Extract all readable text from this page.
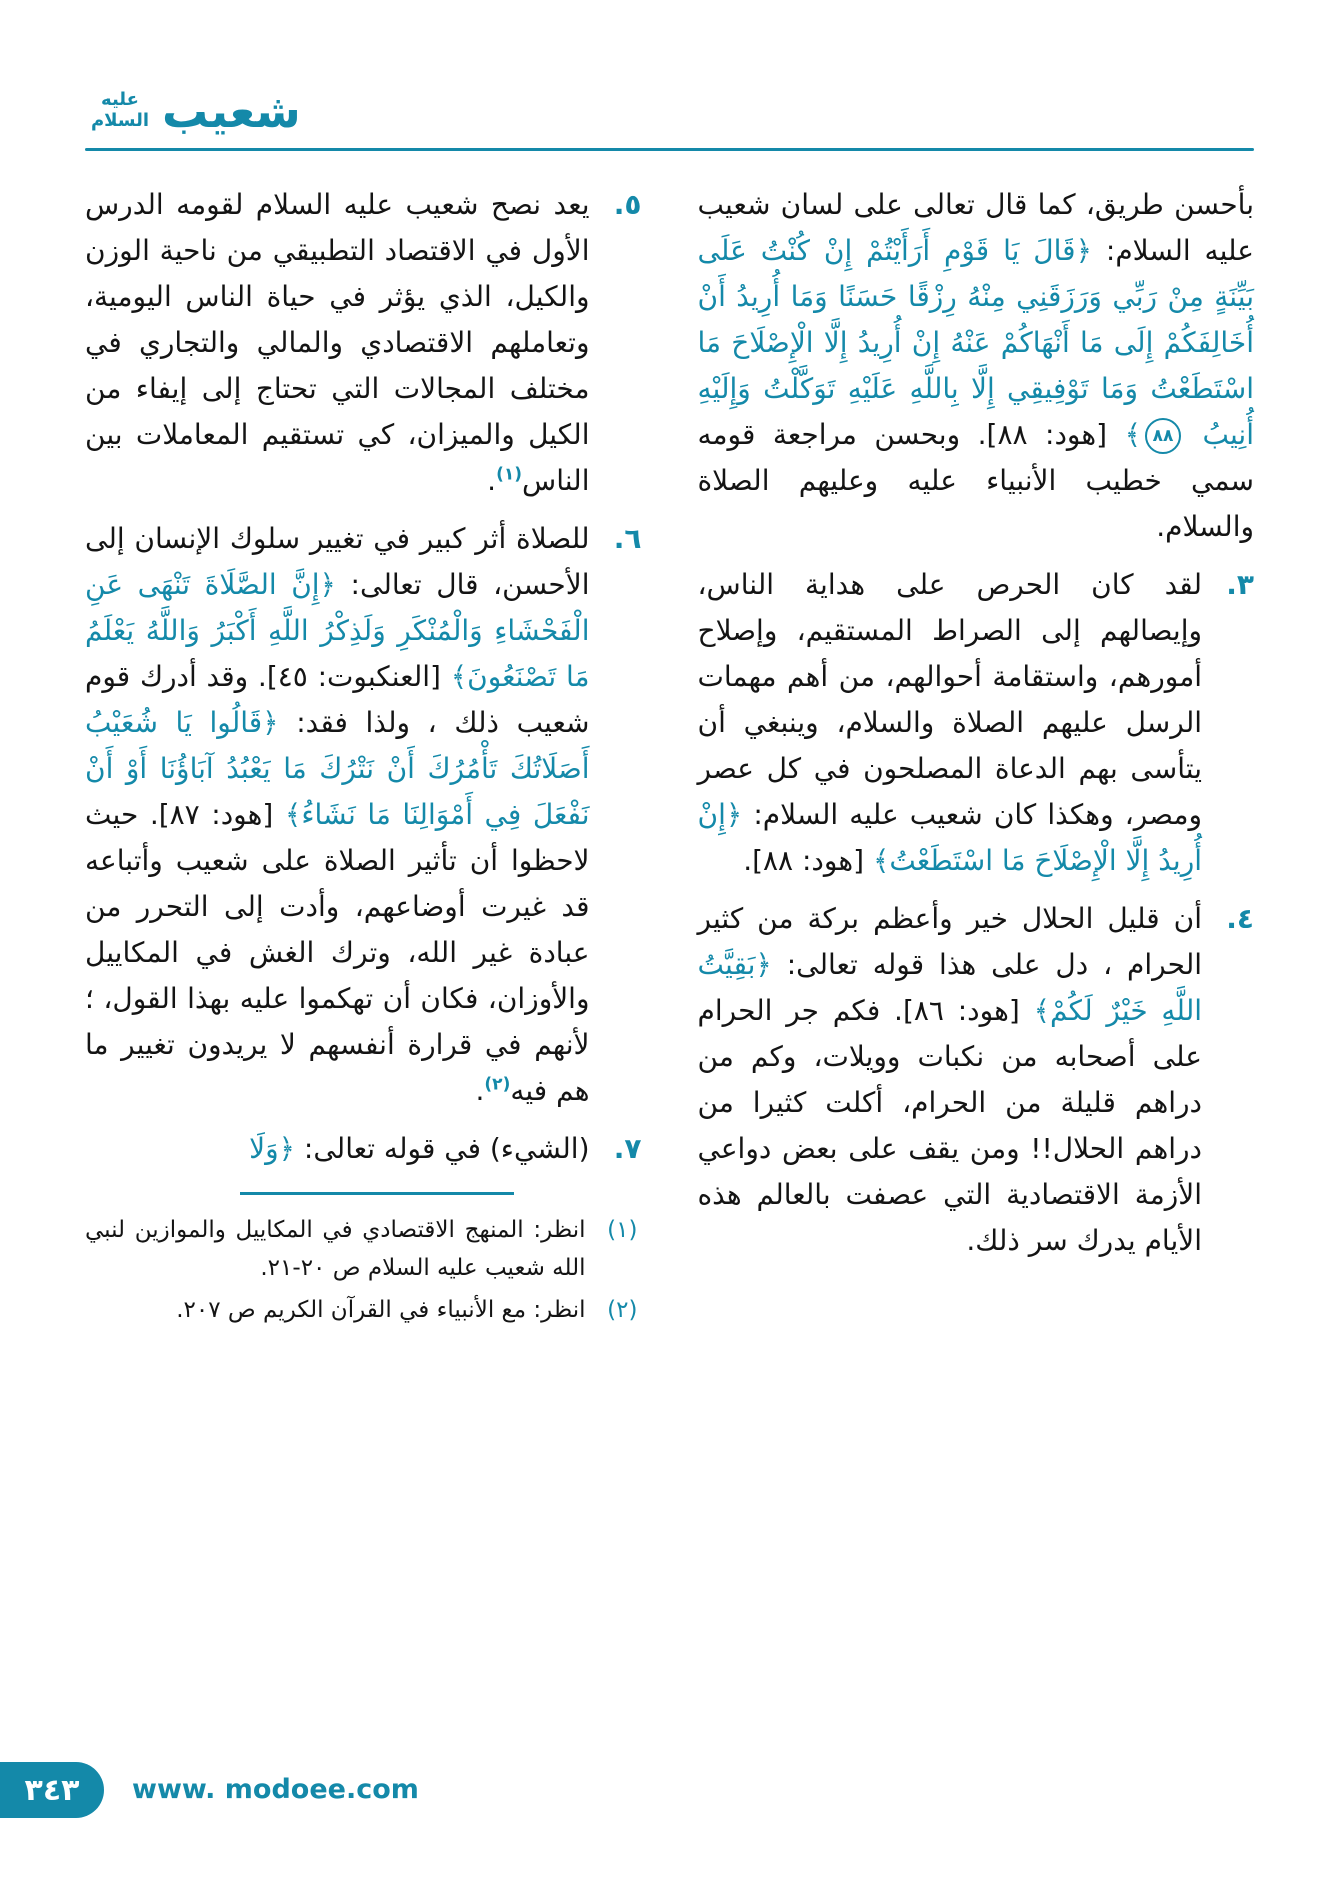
شعيب
عليه السلام
بأحسن طريق، كما قال تعالى على لسان شعيب عليه السلام: ﴿قَالَ يَا قَوْمِ أَرَأَيْتُمْ إِنْ كُنْتُ عَلَى بَيِّنَةٍ مِنْ رَبِّي وَرَزَقَنِي مِنْهُ رِزْقًا حَسَنًا وَمَا أُرِيدُ أَنْ أُخَالِفَكُمْ إِلَى مَا أَنْهَاكُمْ عَنْهُ إِنْ أُرِيدُ إِلَّا الْإِصْلَاحَ مَا اسْتَطَعْتُ وَمَا تَوْفِيقِي إِلَّا بِاللَّهِ عَلَيْهِ تَوَكَّلْتُ وَإِلَيْهِ أُنِيبُ ٨٨﴾ [هود: ٨٨]. وبحسن مراجعة قومه سمي خطيب الأنبياء عليه وعليهم الصلاة والسلام.
٣.
لقد كان الحرص على هداية الناس، وإيصالهم إلى الصراط المستقيم، وإصلاح أمورهم، واستقامة أحوالهم، من أهم مهمات الرسل عليهم الصلاة والسلام، وينبغي أن يتأسى بهم الدعاة المصلحون في كل عصر ومصر، وهكذا كان شعيب عليه السلام: ﴿إِنْ أُرِيدُ إِلَّا الْإِصْلَاحَ مَا اسْتَطَعْتُ﴾ [هود: ٨٨].
٤.
أن قليل الحلال خير وأعظم بركة من كثير الحرام ، دل على هذا قوله تعالى: ﴿بَقِيَّتُ اللَّهِ خَيْرٌ لَكُمْ﴾ [هود: ٨٦]. فكم جر الحرام على أصحابه من نكبات وويلات، وكم من دراهم قليلة من الحرام، أكلت كثيرا من دراهم الحلال!! ومن يقف على بعض دواعي الأزمة الاقتصادية التي عصفت بالعالم هذه الأيام يدرك سر ذلك.
٥.
يعد نصح شعيب عليه السلام لقومه الدرس الأول في الاقتصاد التطبيقي من ناحية الوزن والكيل، الذي يؤثر في حياة الناس اليومية، وتعاملهم الاقتصادي والمالي والتجاري في مختلف المجالات التي تحتاج إلى إيفاء من الكيل والميزان، كي تستقيم المعاملات بين الناس$^{(١)}$.
٦.
للصلاة أثر كبير في تغيير سلوك الإنسان إلى الأحسن، قال تعالى: ﴿إِنَّ الصَّلَاةَ تَنْهَى عَنِ الْفَحْشَاءِ وَالْمُنْكَرِ وَلَذِكْرُ اللَّهِ أَكْبَرُ وَاللَّهُ يَعْلَمُ مَا تَصْنَعُونَ﴾ [العنكبوت: ٤٥]. وقد أدرك قوم شعيب ذلك ، ولذا فقد: ﴿قَالُوا يَا شُعَيْبُ أَصَلَاتُكَ تَأْمُرُكَ أَنْ نَتْرُكَ مَا يَعْبُدُ آبَاؤُنَا أَوْ أَنْ نَفْعَلَ فِي أَمْوَالِنَا مَا نَشَاءُ﴾ [هود: ٨٧]. حيث لاحظوا أن تأثير الصلاة على شعيب وأتباعه قد غيرت أوضاعهم، وأدت إلى التحرر من عبادة غير الله، وترك الغش في المكاييل والأوزان، فكان أن تهكموا عليه بهذا القول، ؛لأنهم في قرارة أنفسهم لا يريدون تغيير ما هم فيه$^{(٢)}$.
٧.
(الشيء) في قوله تعالى: ﴿وَلَا
(١)
انظر: المنهج الاقتصادي في المكاييل والموازين لنبي الله شعيب عليه السلام ص ٢٠-٢١.
(٢)
انظر: مع الأنبياء في القرآن الكريم ص ٢٠٧.
٣٤٣ www. modoee.com
